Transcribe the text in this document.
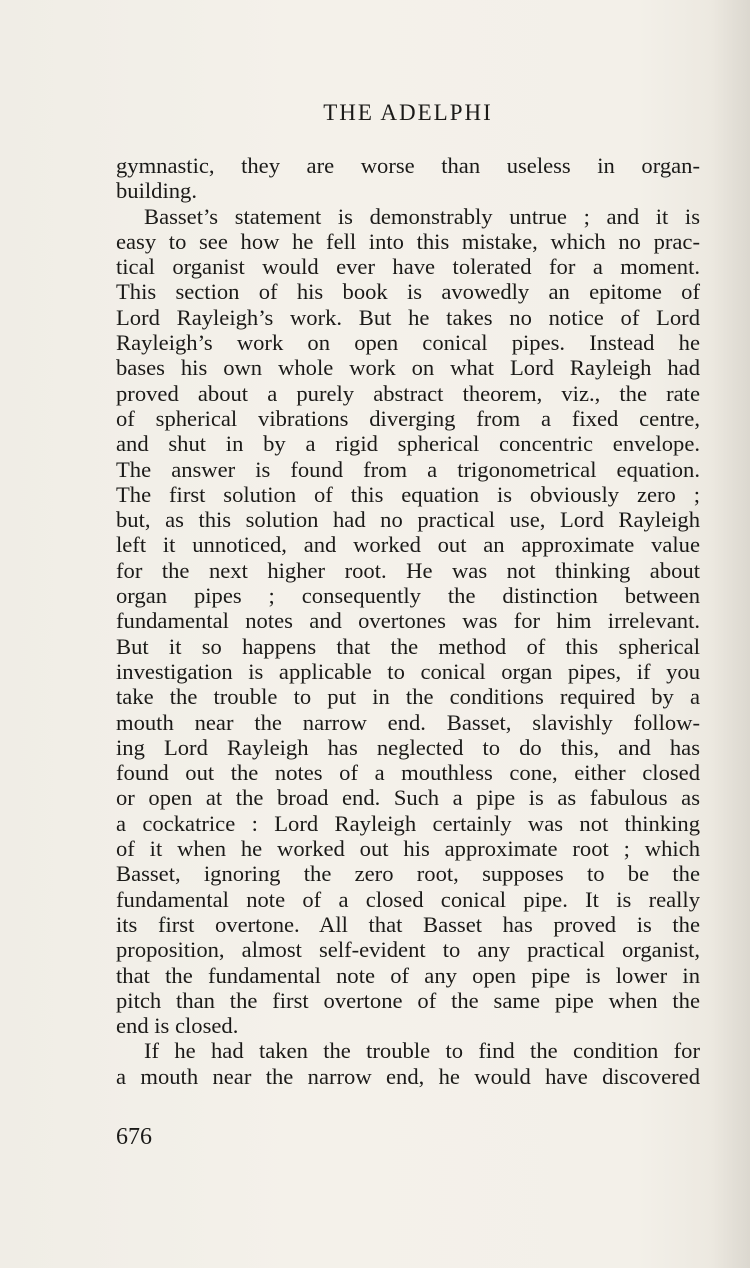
THE ADELPHI
gymnastic, they are worse than useless in organ-
building.
Basset’s statement is demonstrably untrue ; and it is
easy to see how he fell into this mistake, which no prac-
tical organist would ever have tolerated for a moment.
This section of his book is avowedly an epitome of
Lord Rayleigh’s work. But he takes no notice of Lord
Rayleigh’s work on open conical pipes. Instead he
bases his own whole work on what Lord Rayleigh had
proved about a purely abstract theorem, viz., the rate
of spherical vibrations diverging from a fixed centre,
and shut in by a rigid spherical concentric envelope.
The answer is found from a trigonometrical equation.
The first solution of this equation is obviously zero ;
but, as this solution had no practical use, Lord Rayleigh
left it unnoticed, and worked out an approximate value
for the next higher root. He was not thinking about
organ pipes ; consequently the distinction between
fundamental notes and overtones was for him irrelevant.
But it so happens that the method of this spherical
investigation is applicable to conical organ pipes, if you
take the trouble to put in the conditions required by a
mouth near the narrow end. Basset, slavishly follow-
ing Lord Rayleigh has neglected to do this, and has
found out the notes of a mouthless cone, either closed
or open at the broad end. Such a pipe is as fabulous as
a cockatrice : Lord Rayleigh certainly was not thinking
of it when he worked out his approximate root ; which
Basset, ignoring the zero root, supposes to be the
fundamental note of a closed conical pipe. It is really
its first overtone. All that Basset has proved is the
proposition, almost self-evident to any practical organist,
that the fundamental note of any open pipe is lower in
pitch than the first overtone of the same pipe when the
end is closed.
If he had taken the trouble to find the condition for
a mouth near the narrow end, he would have discovered
676
